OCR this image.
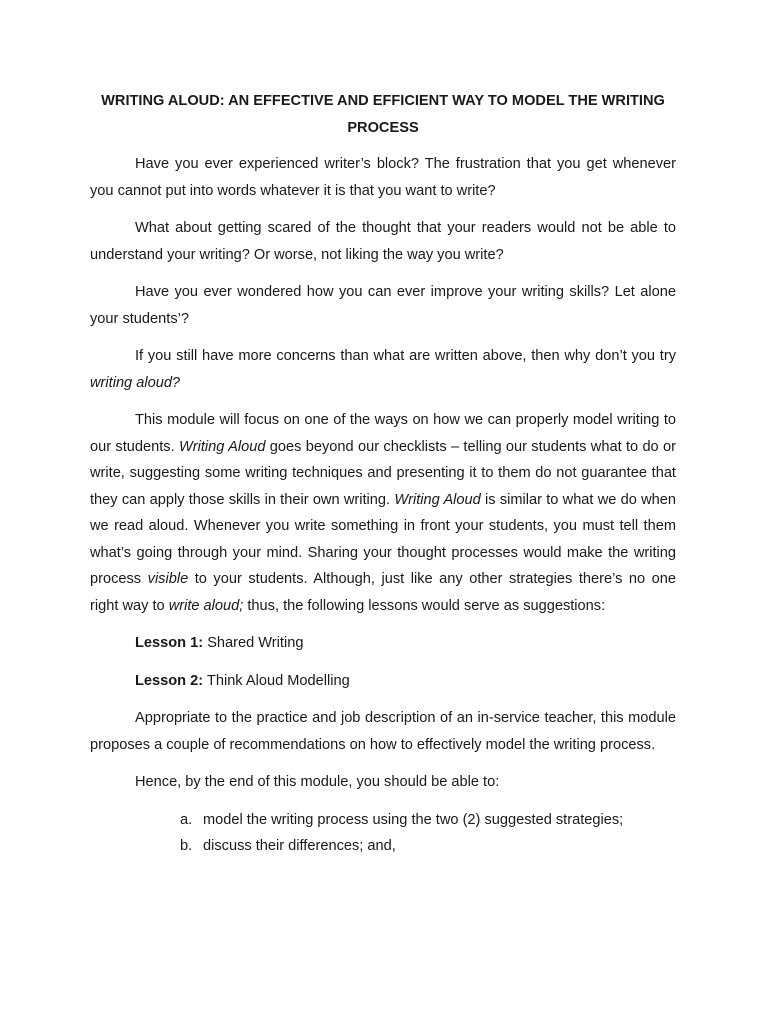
WRITING ALOUD: AN EFFECTIVE AND EFFICIENT WAY TO MODEL THE WRITING PROCESS

Have you ever experienced writer’s block? The frustration that you get whenever you cannot put into words whatever it is that you want to write?

What about getting scared of the thought that your readers would not be able to understand your writing? Or worse, not liking the way you write?

Have you ever wondered how you can ever improve your writing skills? Let alone your students’?

If you still have more concerns than what are written above, then why don’t you try writing aloud?

This module will focus on one of the ways on how we can properly model writing to our students. Writing Aloud goes beyond our checklists – telling our students what to do or write, suggesting some writing techniques and presenting it to them do not guarantee that they can apply those skills in their own writing. Writing Aloud is similar to what we do when we read aloud. Whenever you write something in front your students, you must tell them what’s going through your mind. Sharing your thought processes would make the writing process visible to your students. Although, just like any other strategies there’s no one right way to write aloud; thus, the following lessons would serve as suggestions:

Lesson 1: Shared Writing
Lesson 2: Think Aloud Modelling

Appropriate to the practice and job description of an in-service teacher, this module proposes a couple of recommendations on how to effectively model the writing process.

Hence, by the end of this module, you should be able to:

a. model the writing process using the two (2) suggested strategies;
b. discuss their differences; and,
